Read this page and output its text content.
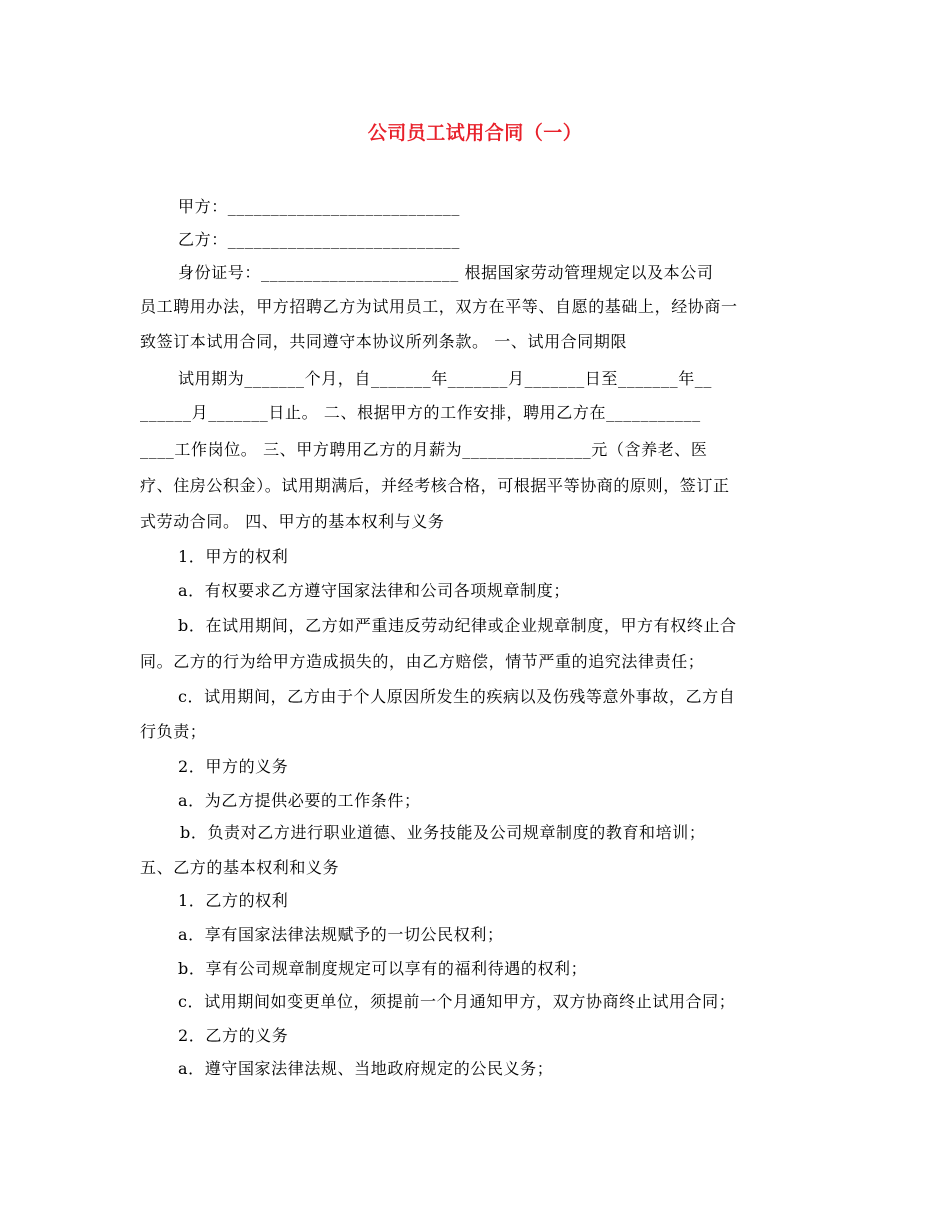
公司员工试用合同（一）
甲方：___________________________
乙方：___________________________
身份证号：_______________________ 根据国家劳动管理规定以及本公司
员工聘用办法，甲方招聘乙方为试用员工，双方在平等、自愿的基础上，经协商一
致签订本试用合同，共同遵守本协议所列条款。 一、试用合同期限
试用期为_______个月，自_______年_______月_______日至_______年__
______月_______日止。 二、根据甲方的工作安排，聘用乙方在___________
____工作岗位。 三、甲方聘用乙方的月薪为_______________元（含养老、医
疗、住房公积金）。试用期满后，并经考核合格，可根据平等协商的原则，签订正
式劳动合同。 四、甲方的基本权利与义务
1．甲方的权利
a．有权要求乙方遵守国家法律和公司各项规章制度；
b．在试用期间，乙方如严重违反劳动纪律或企业规章制度，甲方有权终止合
同。乙方的行为给甲方造成损失的，由乙方赔偿，情节严重的追究法律责任；
c．试用期间，乙方由于个人原因所发生的疾病以及伤残等意外事故，乙方自
行负责；
2．甲方的义务
a．为乙方提供必要的工作条件；
b．负责对乙方进行职业道德、业务技能及公司规章制度的教育和培训；
五、乙方的基本权利和义务
1．乙方的权利
a．享有国家法律法规赋予的一切公民权利；
b．享有公司规章制度规定可以享有的福利待遇的权利；
c．试用期间如变更单位，须提前一个月通知甲方，双方协商终止试用合同；
2．乙方的义务
a．遵守国家法律法规、当地政府规定的公民义务；
